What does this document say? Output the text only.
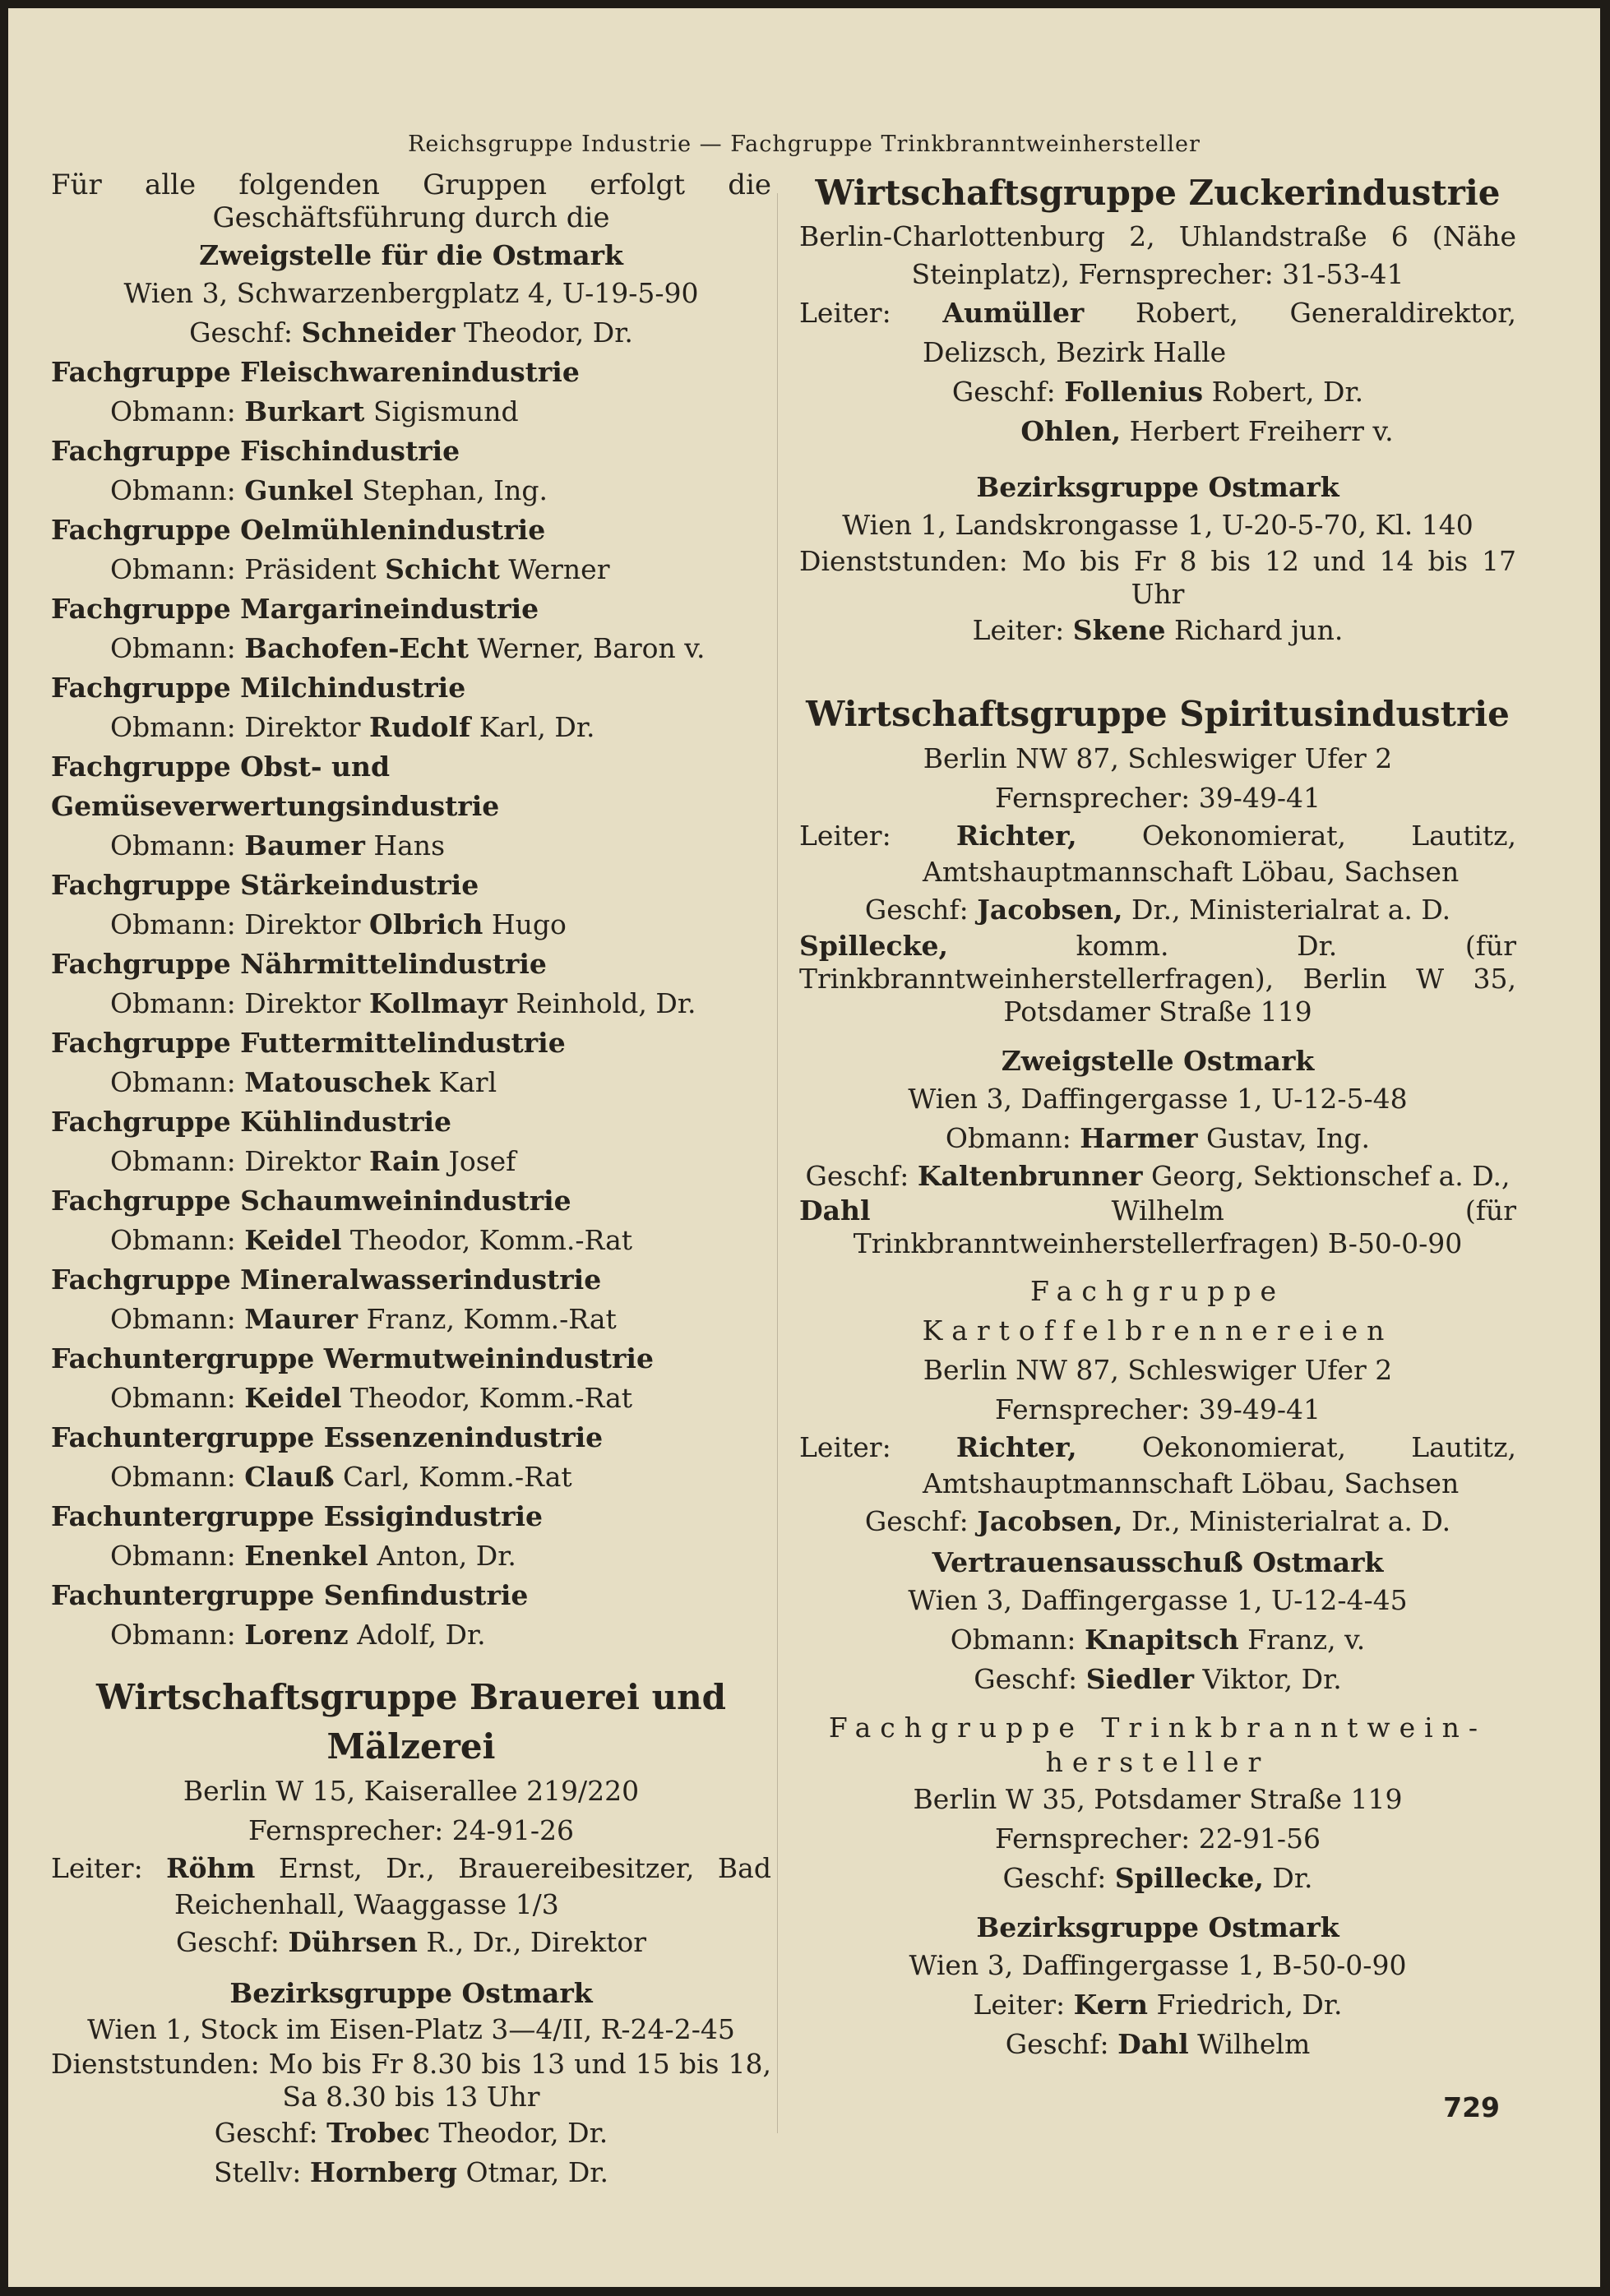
Reichsgruppe Industrie — Fachgruppe Trinkbranntweinhersteller
Für alle folgenden Gruppen erfolgt die Geschäftsführung durch die
Zweigstelle für die Ostmark
Wien 3, Schwarzenbergplatz 4, U-19-5-90
Geschf: Schneider Theodor, Dr.
Fachgruppe Fleischwarenindustrie
Obmann: Burkart Sigismund
Fachgruppe Fischindustrie
Obmann: Gunkel Stephan, Ing.
Fachgruppe Oelmühlenindustrie
Obmann: Präsident Schicht Werner
Fachgruppe Margarineindustrie
Obmann: Bachofen-Echt Werner, Baron v.
Fachgruppe Milchindustrie
Obmann: Direktor Rudolf Karl, Dr.
Fachgruppe Obst- und Gemüseverwertungsindustrie
Obmann: Baumer Hans
Fachgruppe Stärkeindustrie
Obmann: Direktor Olbrich Hugo
Fachgruppe Nährmittelindustrie
Obmann: Direktor Kollmayr Reinhold, Dr.
Fachgruppe Futtermittelindustrie
Obmann: Matouschek Karl
Fachgruppe Kühlindustrie
Obmann: Direktor Rain Josef
Fachgruppe Schaumweinindustrie
Obmann: Keidel Theodor, Komm.-Rat
Fachgruppe Mineralwasserindustrie
Obmann: Maurer Franz, Komm.-Rat
Fachuntergruppe Wermutweinindustrie
Obmann: Keidel Theodor, Komm.-Rat
Fachuntergruppe Essenzenindustrie
Obmann: Clauß Carl, Komm.-Rat
Fachuntergruppe Essigindustrie
Obmann: Enenkel Anton, Dr.
Fachuntergruppe Senfindustrie
Obmann: Lorenz Adolf, Dr.
Wirtschaftsgruppe Brauerei und Mälzerei
Berlin W 15, Kaiserallee 219/220
Fernsprecher: 24-91-26
Leiter: Röhm Ernst, Dr., Brauereibesitzer, Bad Reichenhall, Waaggasse 1/3
Geschf: Dührsen R., Dr., Direktor
Bezirksgruppe Ostmark
Wien 1, Stock im Eisen-Platz 3—4/II, R-24-2-45
Dienststunden: Mo bis Fr 8.30 bis 13 und 15 bis 18, Sa 8.30 bis 13 Uhr
Geschf: Trobec Theodor, Dr.
Stellv: Hornberg Otmar, Dr.
Wirtschaftsgruppe Zuckerindustrie
Berlin-Charlottenburg 2, Uhlandstraße 6 (Nähe Steinplatz), Fernsprecher: 31-53-41
Leiter: Aumüller Robert, Generaldirektor, Delizsch, Bezirk Halle
Geschf: Follenius Robert, Dr.
Ohlen, Herbert Freiherr v.
Bezirksgruppe Ostmark
Wien 1, Landskrongasse 1, U-20-5-70, Kl. 140
Dienststunden: Mo bis Fr 8 bis 12 und 14 bis 17 Uhr
Leiter: Skene Richard jun.
Wirtschaftsgruppe Spiritusindustrie
Berlin NW 87, Schleswiger Ufer 2
Fernsprecher: 39-49-41
Leiter: Richter, Oekonomierat, Lautitz, Amtshauptmannschaft Löbau, Sachsen
Geschf: Jacobsen, Dr., Ministerialrat a. D.
Spillecke,	komm. Dr. (für Trinkbranntweinherstellerfragen), Berlin W 35, Potsdamer Straße 119
Zweigstelle Ostmark
Wien 3, Daffingergasse 1, U-12-5-48
Obmann: Harmer Gustav, Ing.
Geschf: Kaltenbrunner Georg, Sektionschef a. D.,
Dahl	Wilhelm (für Trinkbranntweinherstellerfragen) B-50-0-90
Fachgruppe Kartoffelbrennereien
Berlin NW 87, Schleswiger Ufer 2
Fernsprecher: 39-49-41
Leiter: Richter, Oekonomierat, Lautitz, Amtshauptmannschaft Löbau, Sachsen
Geschf: Jacobsen, Dr., Ministerialrat a. D.
Vertrauensausschuß Ostmark
Wien 3, Daffingergasse 1, U-12-4-45
Obmann: Knapitsch Franz, v.
Geschf: Siedler Viktor, Dr.
Fachgruppe Trinkbranntwein-
hersteller
Berlin W 35, Potsdamer Straße 119
Fernsprecher: 22-91-56
Geschf: Spillecke, Dr.
Bezirksgruppe Ostmark
Wien 3, Daffingergasse 1, B-50-0-90
Leiter: Kern Friedrich, Dr.
Geschf: Dahl Wilhelm
729
